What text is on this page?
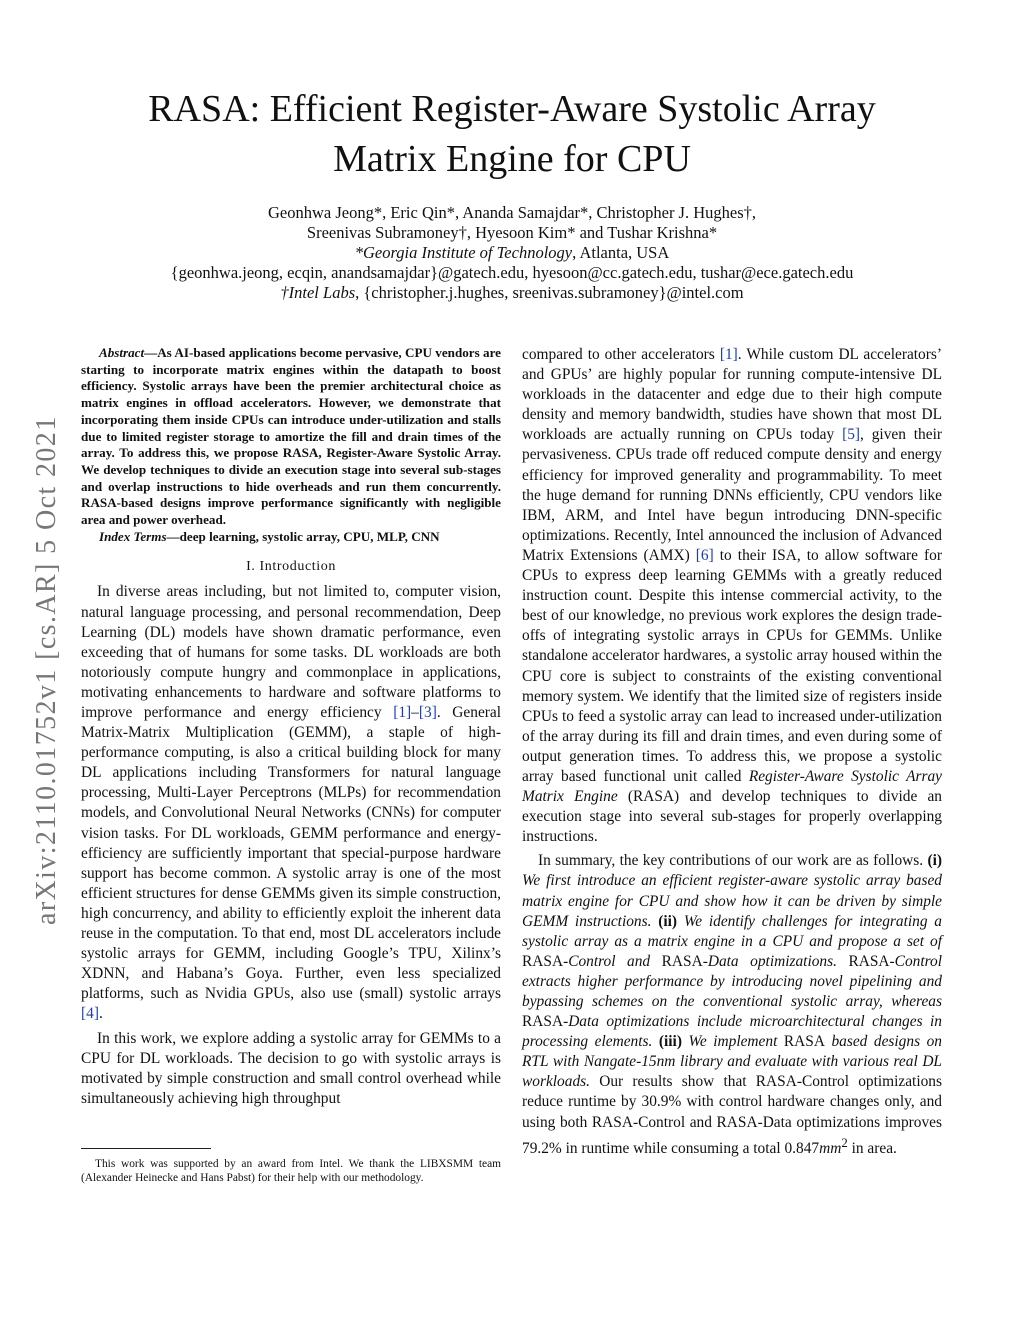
arXiv:2110.01752v1 [cs.AR] 5 Oct 2021
RASA: Efficient Register-Aware Systolic Array
Matrix Engine for CPU
Geonhwa Jeong*, Eric Qin*, Ananda Samajdar*, Christopher J. Hughes†,
Sreenivas Subramoney†, Hyesoon Kim* and Tushar Krishna*
*Georgia Institute of Technology, Atlanta, USA
{geonhwa.jeong, ecqin, anandsamajdar}@gatech.edu, hyesoon@cc.gatech.edu, tushar@ece.gatech.edu
†Intel Labs, {christopher.j.hughes, sreenivas.subramoney}@intel.com

Abstract—As AI-based applications become pervasive, CPU vendors are starting to incorporate matrix engines within the datapath to boost efficiency. Systolic arrays have been the premier architectural choice as matrix engines in offload accelerators. However, we demonstrate that incorporating them inside CPUs can introduce under-utilization and stalls due to limited register storage to amortize the fill and drain times of the array. To address this, we propose RASA, Register-Aware Systolic Array. We develop techniques to divide an execution stage into several sub-stages and overlap instructions to hide overheads and run them concurrently. RASA-based designs improve performance significantly with negligible area and power overhead.

Index Terms—deep learning, systolic array, CPU, MLP, CNN

I. Introduction

In diverse areas including, but not limited to, computer vision, natural language processing, and personal recommendation, Deep Learning (DL) models have shown dramatic performance, even exceeding that of humans for some tasks. DL workloads are both notoriously compute hungry and commonplace in applications, motivating enhancements to hardware and software platforms to improve performance and energy efficiency [1]–[3]. General Matrix-Matrix Multiplication (GEMM), a staple of high-performance computing, is also a critical building block for many DL applications including Transformers for natural language processing, Multi-Layer Perceptrons (MLPs) for recommendation models, and Convolutional Neural Networks (CNNs) for computer vision tasks. For DL workloads, GEMM performance and energy-efficiency are sufficiently important that special-purpose hardware support has become common. A systolic array is one of the most efficient structures for dense GEMMs given its simple construction, high concurrency, and ability to efficiently exploit the inherent data reuse in the computation. To that end, most DL accelerators include systolic arrays for GEMM, including Google’s TPU, Xilinx’s XDNN, and Habana’s Goya. Further, even less specialized platforms, such as Nvidia GPUs, also use (small) systolic arrays [4].

In this work, we explore adding a systolic array for GEMMs to a CPU for DL workloads. The decision to go with systolic arrays is motivated by simple construction and small control overhead while simultaneously achieving high throughput

compared to other accelerators [1]. While custom DL accelerators’ and GPUs’ are highly popular for running compute-intensive DL workloads in the datacenter and edge due to their high compute density and memory bandwidth, studies have shown that most DL workloads are actually running on CPUs today [5], given their pervasiveness. CPUs trade off reduced compute density and energy efficiency for improved generality and programmability. To meet the huge demand for running DNNs efficiently, CPU vendors like IBM, ARM, and Intel have begun introducing DNN-specific optimizations. Recently, Intel announced the inclusion of Advanced Matrix Extensions (AMX) [6] to their ISA, to allow software for CPUs to express deep learning GEMMs with a greatly reduced instruction count. Despite this intense commercial activity, to the best of our knowledge, no previous work explores the design trade-offs of integrating systolic arrays in CPUs for GEMMs. Unlike standalone accelerator hardwares, a systolic array housed within the CPU core is subject to constraints of the existing conventional memory system. We identify that the limited size of registers inside CPUs to feed a systolic array can lead to increased under-utilization of the array during its fill and drain times, and even during some of output generation times. To address this, we propose a systolic array based functional unit called Register-Aware Systolic Array Matrix Engine (RASA) and develop techniques to divide an execution stage into several sub-stages for properly overlapping instructions.

In summary, the key contributions of our work are as follows. (i) We first introduce an efficient register-aware systolic array based matrix engine for CPU and show how it can be driven by simple GEMM instructions. (ii) We identify challenges for integrating a systolic array as a matrix engine in a CPU and propose a set of RASA-Control and RASA-Data optimizations. RASA-Control extracts higher performance by introducing novel pipelining and bypassing schemes on the conventional systolic array, whereas RASA-Data optimizations include microarchitectural changes in processing elements. (iii) We implement RASA based designs on RTL with Nangate-15nm library and evaluate with various real DL workloads. Our results show that RASA-Control optimizations reduce runtime by 30.9% with control hardware changes only, and using both RASA-Control and RASA-Data optimizations improves 79.2% in runtime while consuming a total $0.847mm^2$ in area.

This work was supported by an award from Intel. We thank the LIBXSMM team (Alexander Heinecke and Hans Pabst) for their help with our methodology.
